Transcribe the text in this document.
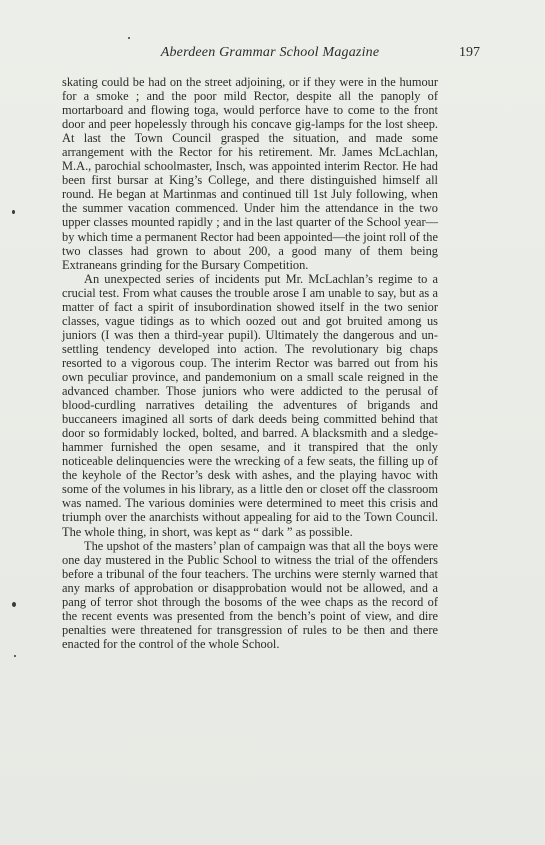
Aberdeen Grammar School Magazine	197

skating could be had on the street adjoining, or if they were in the humour for a smoke ; and the poor mild Rector, despite all the panoply of mortarboard and flowing toga, would perforce have to come to the front door and peer hopelessly through his concave gig-lamps for the lost sheep. At last the Town Council grasped the situation, and made some arrangement with the Rector for his retirement. Mr. James McLachlan, M.A., parochial schoolmaster, Insch, was appointed interim Rector. He had been first bursar at King’s College, and there distinguished himself all round. He began at Martinmas and continued till 1st July following, when the summer vacation commenced. Under him the attendance in the two upper classes mounted rapidly ; and in the last quarter of the School year—by which time a permanent Rector had been appointed—the joint roll of the two classes had grown to about 200, a good many of them being Extraneans grinding for the Bursary Competition.

An unexpected series of incidents put Mr. McLachlan’s regime to a crucial test. From what causes the trouble arose I am unable to say, but as a matter of fact a spirit of insubordination showed itself in the two senior classes, vague tidings as to which oozed out and got bruited among us juniors (I was then a third-year pupil). Ultimately the dangerous and unsettling tendency developed into action. The revolutionary big chaps resorted to a vigorous coup. The interim Rector was barred out from his own peculiar province, and pandemonium on a small scale reigned in the advanced chamber. Those juniors who were addicted to the perusal of blood-curdling narratives detailing the adventures of brigands and buccaneers imagined all sorts of dark deeds being committed behind that door so formidably locked, bolted, and barred. A blacksmith and a sledge-hammer furnished the open sesame, and it transpired that the only noticeable delinquencies were the wrecking of a few seats, the filling up of the keyhole of the Rector’s desk with ashes, and the playing havoc with some of the volumes in his library, as a little den or closet off the classroom was named. The various dominies were determined to meet this crisis and triumph over the anarchists without appealing for aid to the Town Council. The whole thing, in short, was kept as “ dark ” as possible.

The upshot of the masters’ plan of campaign was that all the boys were one day mustered in the Public School to witness the trial of the offenders before a tribunal of the four teachers. The urchins were sternly warned that any marks of approbation or disapprobation would not be allowed, and a pang of terror shot through the bosoms of the wee chaps as the record of the recent events was presented from the bench’s point of view, and dire penalties were threatened for transgression of rules to be then and there enacted for the control of the whole School.
